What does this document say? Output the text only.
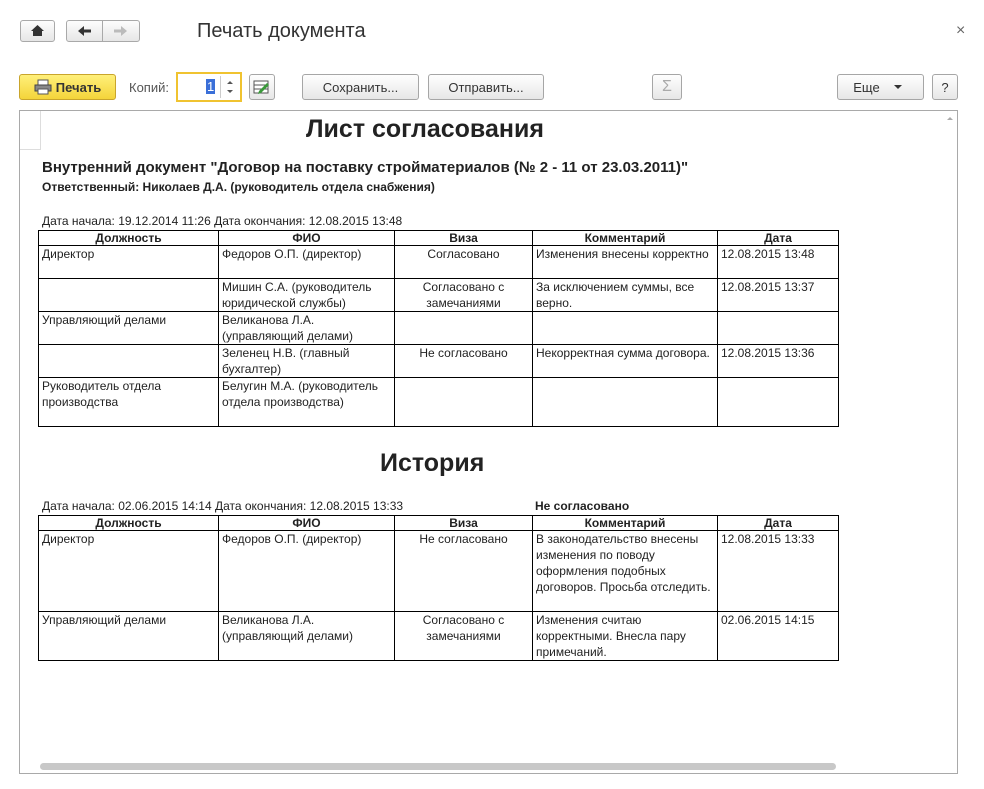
Печать документа	×
Печать Копий:	1	Сохранить...	Отправить...	Σ	Еще	?
Лист согласования
Внутренний документ "Договор на поставку стройматериалов (№ 2 - 11 от 23.03.2011)"
Ответственный: Николаев Д.А. (руководитель отдела снабжения)
Дата начала: 19.12.2014 11:26 Дата окончания: 12.08.2015 13:48
Должность	ФИО	Виза	Комментарий	Дата
Директор	Федоров О.П. (директор)	Согласовано	Изменения внесены корректно	12.08.2015 13:48
	Мишин С.А. (руководитель юридической службы)	Согласовано с замечаниями	За исключением суммы, все верно.	12.08.2015 13:37
Управляющий делами	Великанова Л.А. (управляющий делами)			
	Зеленец Н.В. (главный бухгалтер)	Не согласовано	Некорректная сумма договора.	12.08.2015 13:36
Руководитель отдела производства	Белугин М.А. (руководитель отдела производства)			
История
Дата начала: 02.06.2015 14:14 Дата окончания: 12.08.2015 13:33	Не согласовано
Должность	ФИО	Виза	Комментарий	Дата
Директор	Федоров О.П. (директор)	Не согласовано	В законодательство внесены изменения по поводу оформления подобных договоров. Просьба отследить.	12.08.2015 13:33
Управляющий делами	Великанова Л.А. (управляющий делами)	Согласовано с замечаниями	Изменения считаю корректными. Внесла пару примечаний.	02.06.2015 14:15
